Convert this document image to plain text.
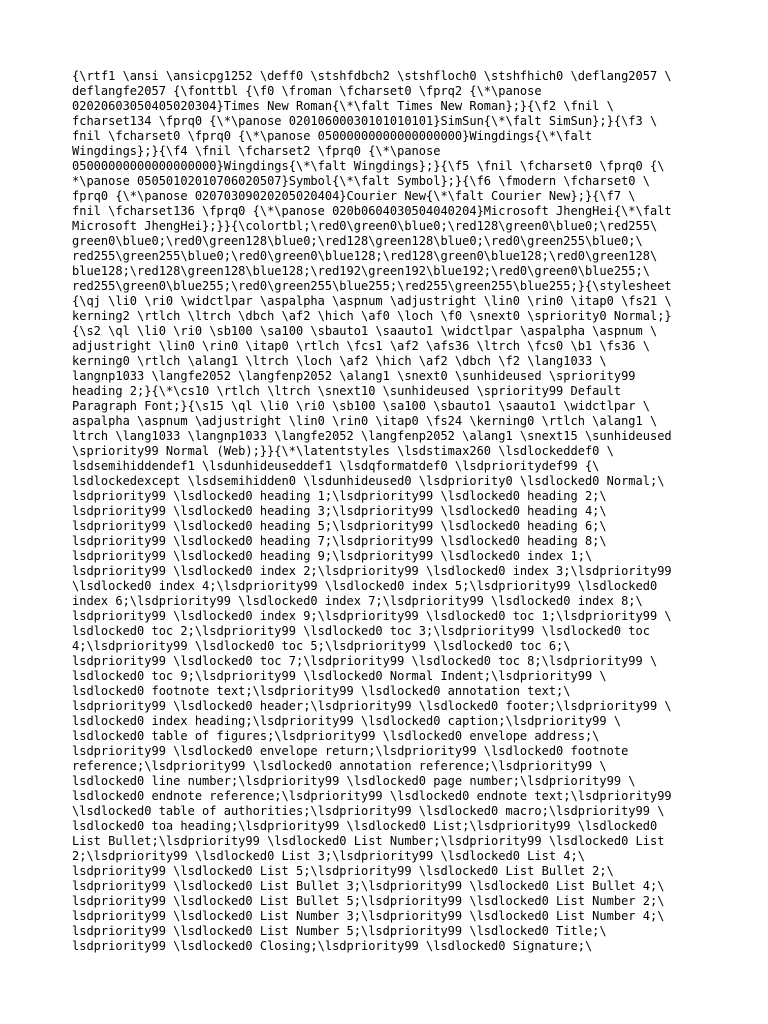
{\rtf1 \ansi \ansicpg1252 \deff0 \stshfdbch2 \stshfloch0 \stshfhich0 \deflang2057 \
deflangfe2057 {\fonttbl {\f0 \froman \fcharset0 \fprq2 {\*\panose
02020603050405020304}Times New Roman{\*\falt Times New Roman};}{\f2 \fnil \
fcharset134 \fprq0 {\*\panose 02010600030101010101}SimSun{\*\falt SimSun};}{\f3 \
fnil \fcharset0 \fprq0 {\*\panose 05000000000000000000}Wingdings{\*\falt
Wingdings};}{\f4 \fnil \fcharset2 \fprq0 {\*\panose
05000000000000000000}Wingdings{\*\falt Wingdings};}{\f5 \fnil \fcharset0 \fprq0 {\
*\panose 05050102010706020507}Symbol{\*\falt Symbol};}{\f6 \fmodern \fcharset0 \
fprq0 {\*\panose 02070309020205020404}Courier New{\*\falt Courier New};}{\f7 \
fnil \fcharset136 \fprq0 {\*\panose 020b0604030504040204}Microsoft JhengHei{\*\falt
Microsoft JhengHei};}}{\colortbl;\red0\green0\blue0;\red128\green0\blue0;\red255\
green0\blue0;\red0\green128\blue0;\red128\green128\blue0;\red0\green255\blue0;\
red255\green255\blue0;\red0\green0\blue128;\red128\green0\blue128;\red0\green128\
blue128;\red128\green128\blue128;\red192\green192\blue192;\red0\green0\blue255;\
red255\green0\blue255;\red0\green255\blue255;\red255\green255\blue255;}{\stylesheet
{\qj \li0 \ri0 \widctlpar \aspalpha \aspnum \adjustright \lin0 \rin0 \itap0 \fs21 \
kerning2 \rtlch \ltrch \dbch \af2 \hich \af0 \loch \f0 \snext0 \spriority0 Normal;}
{\s2 \ql \li0 \ri0 \sb100 \sa100 \sbauto1 \saauto1 \widctlpar \aspalpha \aspnum \
adjustright \lin0 \rin0 \itap0 \rtlch \fcs1 \af2 \afs36 \ltrch \fcs0 \b1 \fs36 \
kerning0 \rtlch \alang1 \ltrch \loch \af2 \hich \af2 \dbch \f2 \lang1033 \
langnp1033 \langfe2052 \langfenp2052 \alang1 \snext0 \sunhideused \spriority99
heading 2;}{\*\cs10 \rtlch \ltrch \snext10 \sunhideused \spriority99 Default
Paragraph Font;}{\s15 \ql \li0 \ri0 \sb100 \sa100 \sbauto1 \saauto1 \widctlpar \
aspalpha \aspnum \adjustright \lin0 \rin0 \itap0 \fs24 \kerning0 \rtlch \alang1 \
ltrch \lang1033 \langnp1033 \langfe2052 \langfenp2052 \alang1 \snext15 \sunhideused
\spriority99 Normal (Web);}}{\*\latentstyles \lsdstimax260 \lsdlockeddef0 \
lsdsemihiddendef1 \lsdunhideuseddef1 \lsdqformatdef0 \lsdprioritydef99 {\
lsdlockedexcept \lsdsemihidden0 \lsdunhideused0 \lsdpriority0 \lsdlocked0 Normal;\
lsdpriority99 \lsdlocked0 heading 1;\lsdpriority99 \lsdlocked0 heading 2;\
lsdpriority99 \lsdlocked0 heading 3;\lsdpriority99 \lsdlocked0 heading 4;\
lsdpriority99 \lsdlocked0 heading 5;\lsdpriority99 \lsdlocked0 heading 6;\
lsdpriority99 \lsdlocked0 heading 7;\lsdpriority99 \lsdlocked0 heading 8;\
lsdpriority99 \lsdlocked0 heading 9;\lsdpriority99 \lsdlocked0 index 1;\
lsdpriority99 \lsdlocked0 index 2;\lsdpriority99 \lsdlocked0 index 3;\lsdpriority99
\lsdlocked0 index 4;\lsdpriority99 \lsdlocked0 index 5;\lsdpriority99 \lsdlocked0
index 6;\lsdpriority99 \lsdlocked0 index 7;\lsdpriority99 \lsdlocked0 index 8;\
lsdpriority99 \lsdlocked0 index 9;\lsdpriority99 \lsdlocked0 toc 1;\lsdpriority99 \
lsdlocked0 toc 2;\lsdpriority99 \lsdlocked0 toc 3;\lsdpriority99 \lsdlocked0 toc
4;\lsdpriority99 \lsdlocked0 toc 5;\lsdpriority99 \lsdlocked0 toc 6;\
lsdpriority99 \lsdlocked0 toc 7;\lsdpriority99 \lsdlocked0 toc 8;\lsdpriority99 \
lsdlocked0 toc 9;\lsdpriority99 \lsdlocked0 Normal Indent;\lsdpriority99 \
lsdlocked0 footnote text;\lsdpriority99 \lsdlocked0 annotation text;\
lsdpriority99 \lsdlocked0 header;\lsdpriority99 \lsdlocked0 footer;\lsdpriority99 \
lsdlocked0 index heading;\lsdpriority99 \lsdlocked0 caption;\lsdpriority99 \
lsdlocked0 table of figures;\lsdpriority99 \lsdlocked0 envelope address;\
lsdpriority99 \lsdlocked0 envelope return;\lsdpriority99 \lsdlocked0 footnote
reference;\lsdpriority99 \lsdlocked0 annotation reference;\lsdpriority99 \
lsdlocked0 line number;\lsdpriority99 \lsdlocked0 page number;\lsdpriority99 \
lsdlocked0 endnote reference;\lsdpriority99 \lsdlocked0 endnote text;\lsdpriority99
\lsdlocked0 table of authorities;\lsdpriority99 \lsdlocked0 macro;\lsdpriority99 \
lsdlocked0 toa heading;\lsdpriority99 \lsdlocked0 List;\lsdpriority99 \lsdlocked0
List Bullet;\lsdpriority99 \lsdlocked0 List Number;\lsdpriority99 \lsdlocked0 List
2;\lsdpriority99 \lsdlocked0 List 3;\lsdpriority99 \lsdlocked0 List 4;\
lsdpriority99 \lsdlocked0 List 5;\lsdpriority99 \lsdlocked0 List Bullet 2;\
lsdpriority99 \lsdlocked0 List Bullet 3;\lsdpriority99 \lsdlocked0 List Bullet 4;\
lsdpriority99 \lsdlocked0 List Bullet 5;\lsdpriority99 \lsdlocked0 List Number 2;\
lsdpriority99 \lsdlocked0 List Number 3;\lsdpriority99 \lsdlocked0 List Number 4;\
lsdpriority99 \lsdlocked0 List Number 5;\lsdpriority99 \lsdlocked0 Title;\
lsdpriority99 \lsdlocked0 Closing;\lsdpriority99 \lsdlocked0 Signature;\
